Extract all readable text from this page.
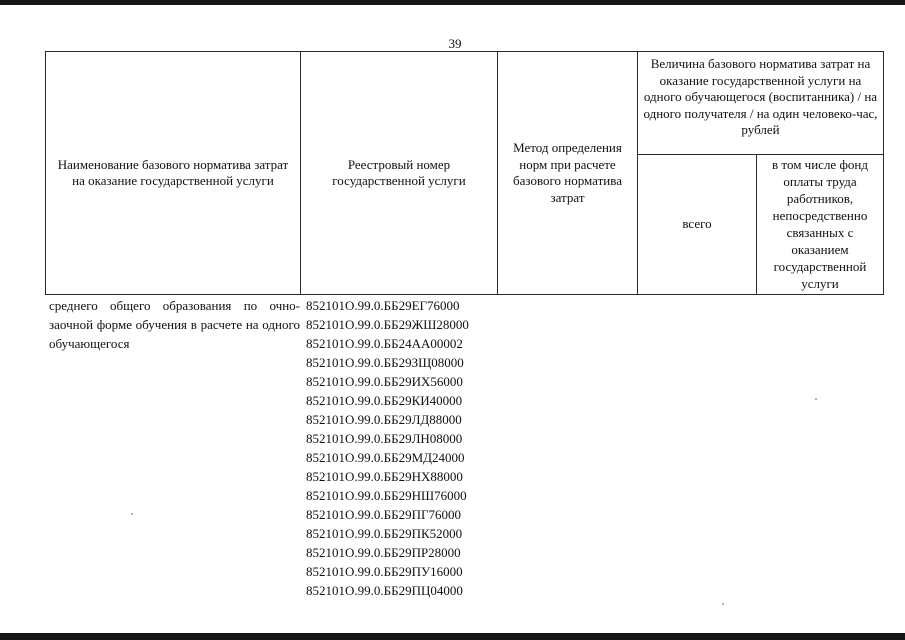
39
Наименование базового норматива затрат на оказание государственной услуги
Реестровый номер государственной услуги
Метод определения норм при расчете базового норматива затрат
Величина базового норматива затрат на оказание государственной услуги на одного обучающегося (воспитанника) / на одного получателя / на один человеко-час, рублей
всего
в том числе фонд оплаты труда работников, непосредственно связанных с оказанием государственной услуги
среднего общего образования по очно-заочной форме обучения в расчете на одного обучающегося
852101О.99.0.ББ29ЕГ76000
852101О.99.0.ББ29ЖШ28000
852101О.99.0.ББ24АА00002
852101О.99.0.ББ29ЗЩ08000
852101О.99.0.ББ29ИХ56000
852101О.99.0.ББ29КИ40000
852101О.99.0.ББ29ЛД88000
852101О.99.0.ББ29ЛН08000
852101О.99.0.ББ29МД24000
852101О.99.0.ББ29НХ88000
852101О.99.0.ББ29НШ76000
852101О.99.0.ББ29ПГ76000
852101О.99.0.ББ29ПК52000
852101О.99.0.ББ29ПР28000
852101О.99.0.ББ29ПУ16000
852101О.99.0.ББ29ПЦ04000
